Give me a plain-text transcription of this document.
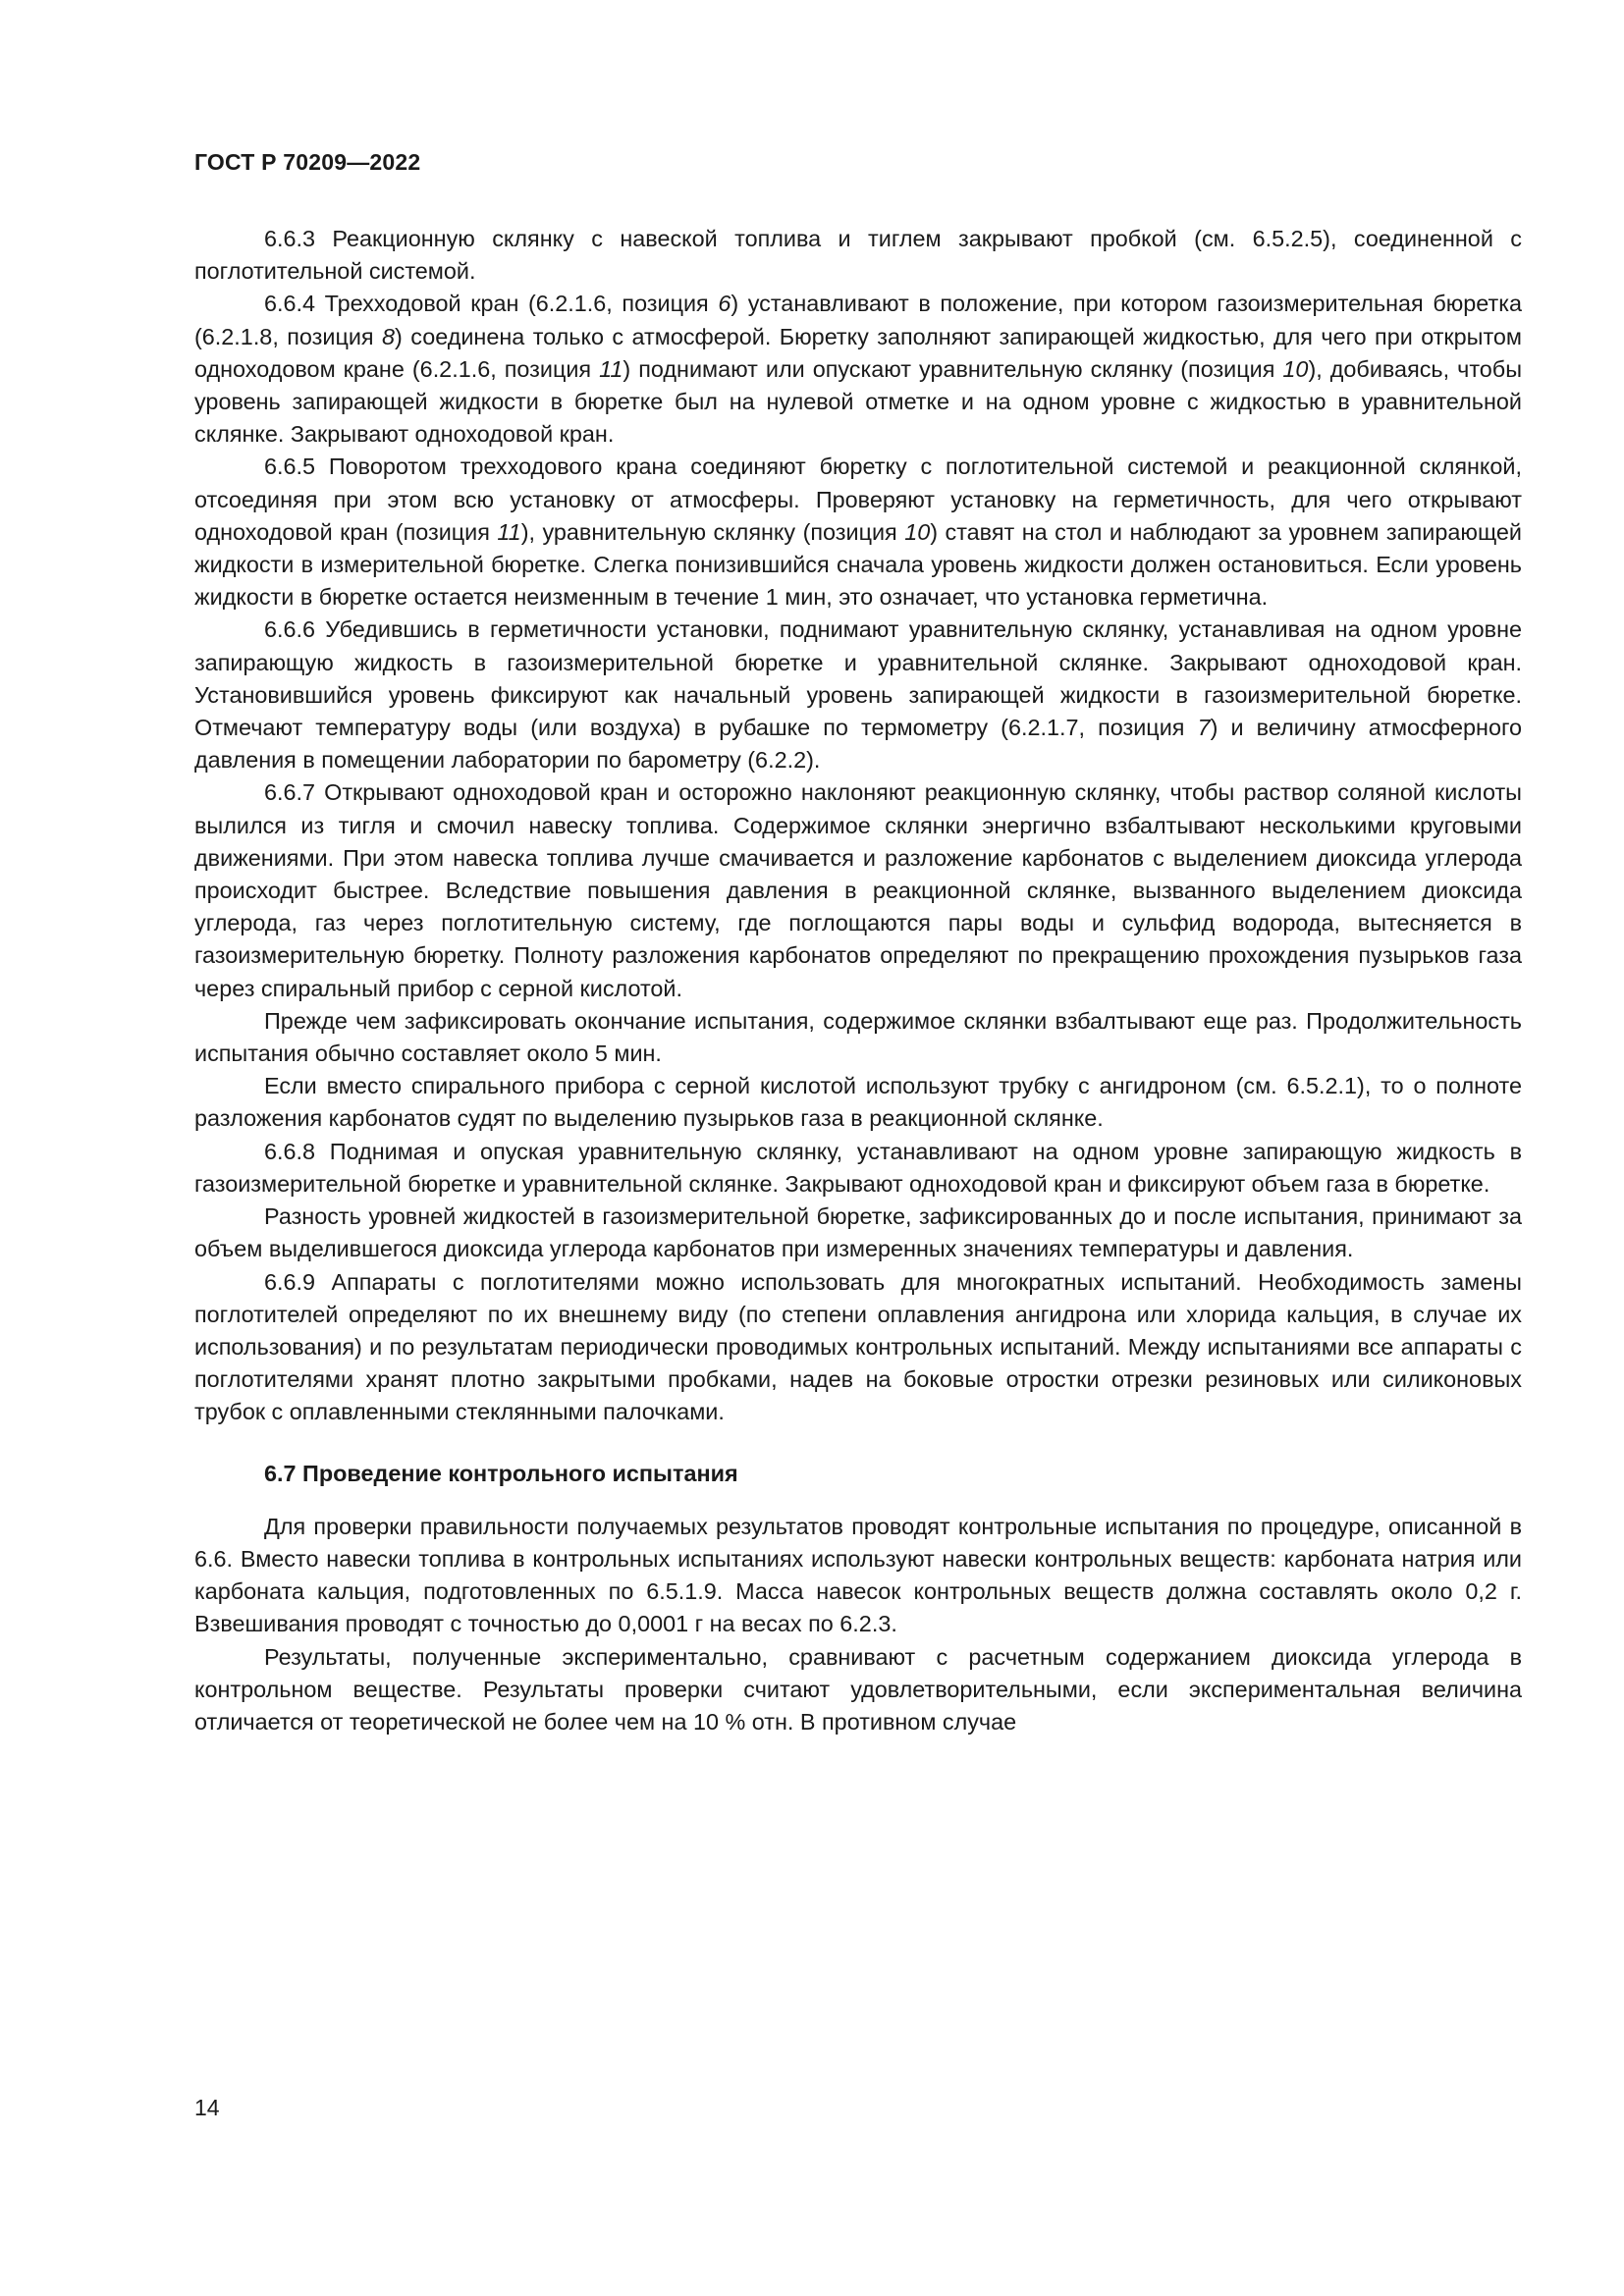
ГОСТ Р 70209—2022

6.6.3 Реакционную склянку с навеской топлива и тиглем закрывают пробкой (см. 6.5.2.5), соединенной с поглотительной системой.

6.6.4 Трехходовой кран (6.2.1.6, позиция 6) устанавливают в положение, при котором газоизмерительная бюретка (6.2.1.8, позиция 8) соединена только с атмосферой. Бюретку заполняют запирающей жидкостью, для чего при открытом одноходовом кране (6.2.1.6, позиция 11) поднимают или опускают уравнительную склянку (позиция 10), добиваясь, чтобы уровень запирающей жидкости в бюретке был на нулевой отметке и на одном уровне с жидкостью в уравнительной склянке. Закрывают одноходовой кран.

6.6.5 Поворотом трехходового крана соединяют бюретку с поглотительной системой и реакционной склянкой, отсоединяя при этом всю установку от атмосферы. Проверяют установку на герметичность, для чего открывают одноходовой кран (позиция 11), уравнительную склянку (позиция 10) ставят на стол и наблюдают за уровнем запирающей жидкости в измерительной бюретке. Слегка понизившийся сначала уровень жидкости должен остановиться. Если уровень жидкости в бюретке остается неизменным в течение 1 мин, это означает, что установка герметична.

6.6.6 Убедившись в герметичности установки, поднимают уравнительную склянку, устанавливая на одном уровне запирающую жидкость в газоизмерительной бюретке и уравнительной склянке. Закрывают одноходовой кран. Установившийся уровень фиксируют как начальный уровень запирающей жидкости в газоизмерительной бюретке. Отмечают температуру воды (или воздуха) в рубашке по термометру (6.2.1.7, позиция 7) и величину атмосферного давления в помещении лаборатории по барометру (6.2.2).

6.6.7 Открывают одноходовой кран и осторожно наклоняют реакционную склянку, чтобы раствор соляной кислоты вылился из тигля и смочил навеску топлива. Содержимое склянки энергично взбалтывают несколькими круговыми движениями. При этом навеска топлива лучше смачивается и разложение карбонатов с выделением диоксида углерода происходит быстрее. Вследствие повышения давления в реакционной склянке, вызванного выделением диоксида углерода, газ через поглотительную систему, где поглощаются пары воды и сульфид водорода, вытесняется в газоизмерительную бюретку. Полноту разложения карбонатов определяют по прекращению прохождения пузырьков газа через спиральный прибор с серной кислотой.

Прежде чем зафиксировать окончание испытания, содержимое склянки взбалтывают еще раз. Продолжительность испытания обычно составляет около 5 мин.

Если вместо спирального прибора с серной кислотой используют трубку с ангидроном (см. 6.5.2.1), то о полноте разложения карбонатов судят по выделению пузырьков газа в реакционной склянке.

6.6.8 Поднимая и опуская уравнительную склянку, устанавливают на одном уровне запирающую жидкость в газоизмерительной бюретке и уравнительной склянке. Закрывают одноходовой кран и фиксируют объем газа в бюретке.

Разность уровней жидкостей в газоизмерительной бюретке, зафиксированных до и после испытания, принимают за объем выделившегося диоксида углерода карбонатов при измеренных значениях температуры и давления.

6.6.9 Аппараты с поглотителями можно использовать для многократных испытаний. Необходимость замены поглотителей определяют по их внешнему виду (по степени оплавления ангидрона или хлорида кальция, в случае их использования) и по результатам периодически проводимых контрольных испытаний. Между испытаниями все аппараты с поглотителями хранят плотно закрытыми пробками, надев на боковые отростки отрезки резиновых или силиконовых трубок с оплавленными стеклянными палочками.

6.7 Проведение контрольного испытания

Для проверки правильности получаемых результатов проводят контрольные испытания по процедуре, описанной в 6.6. Вместо навески топлива в контрольных испытаниях используют навески контрольных веществ: карбоната натрия или карбоната кальция, подготовленных по 6.5.1.9. Масса навесок контрольных веществ должна составлять около 0,2 г. Взвешивания проводят с точностью до 0,0001 г на весах по 6.2.3.

Результаты, полученные экспериментально, сравнивают с расчетным содержанием диоксида углерода в контрольном веществе. Результаты проверки считают удовлетворительными, если экспериментальная величина отличается от теоретической не более чем на 10 % отн. В противном случае

14
